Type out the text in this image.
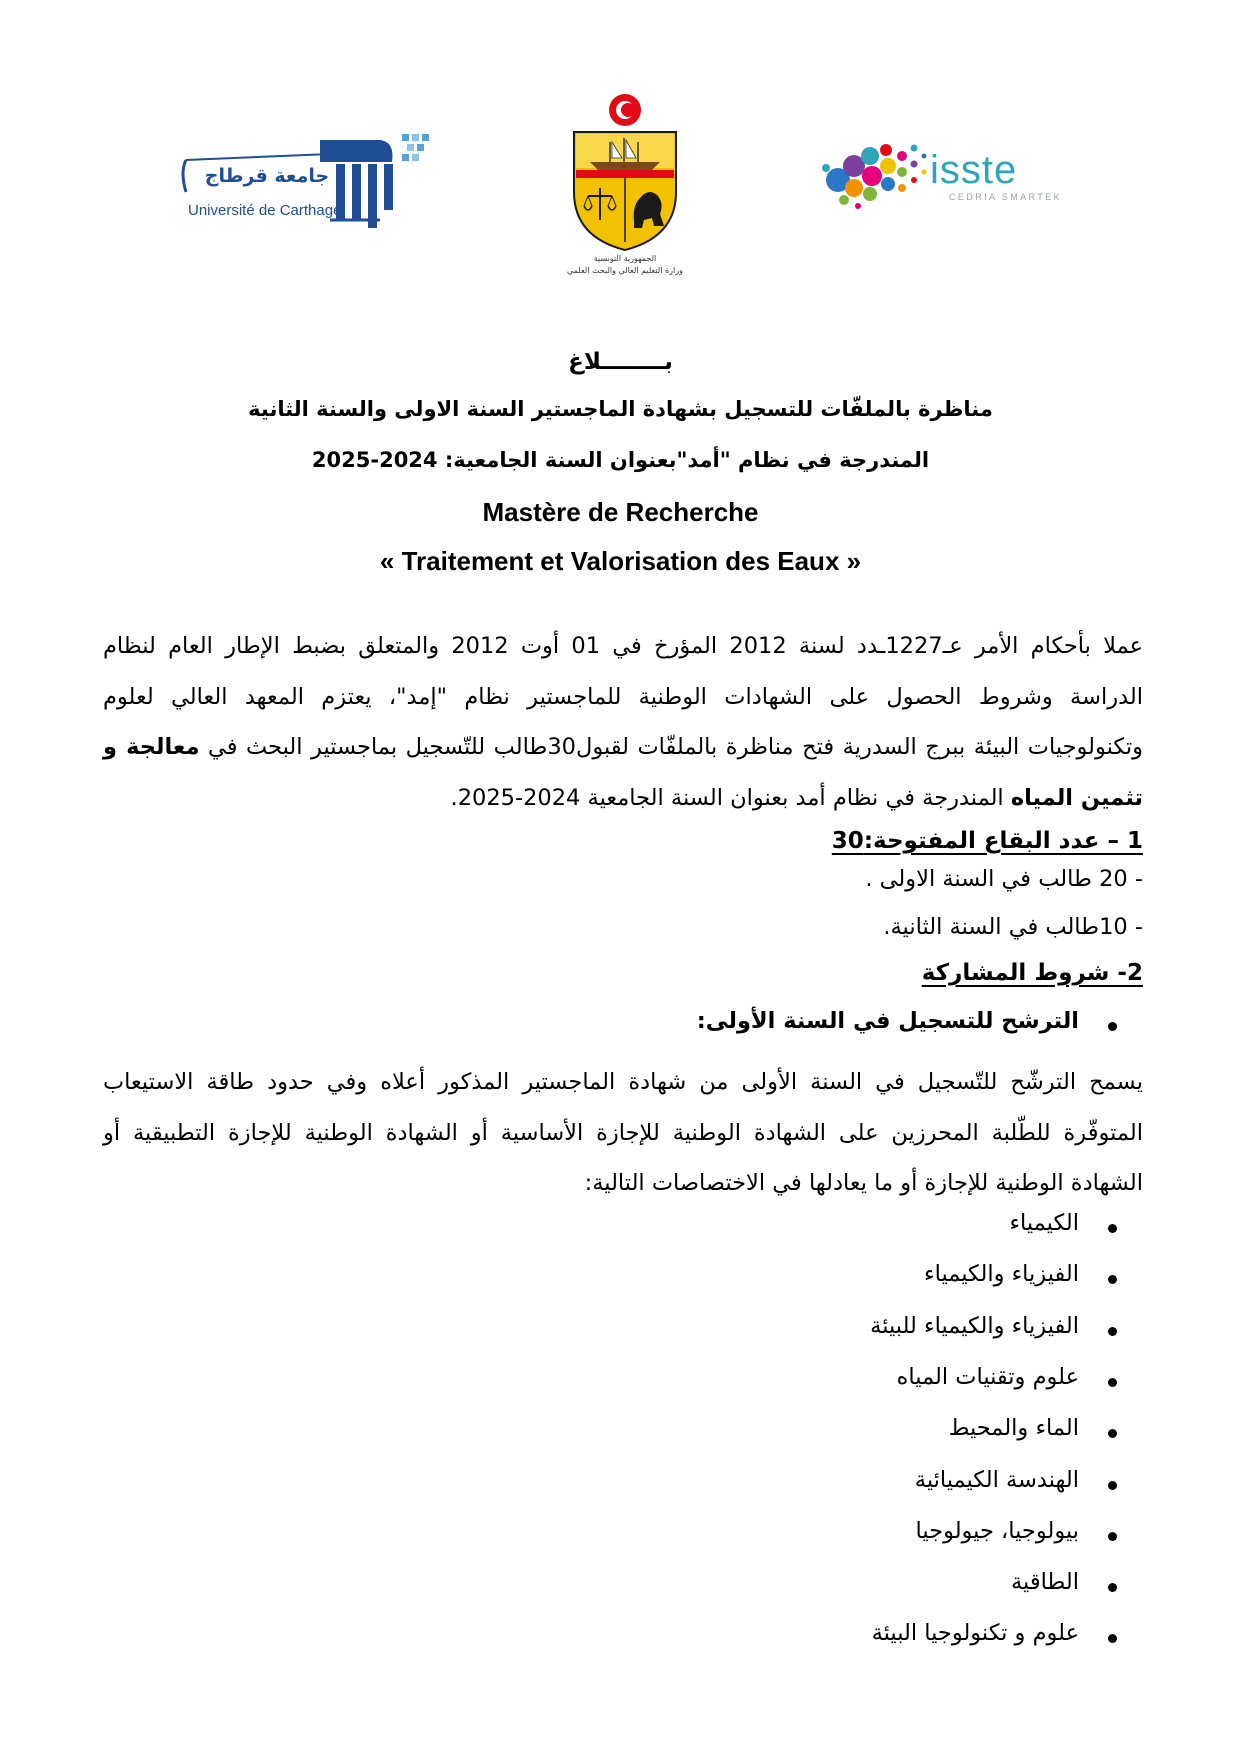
جامعة قرطاج
Université de Carthage
الجمهورية التونسية
وزارة التعليم العالي والبحث العلمي
isste
CEDRIA SMARTEK
بــــــــلاغ
مناظرة بالملفّات للتسجيل بشهادة الماجستير السنة الاولى والسنة الثانية
المندرجة في نظام "أمد"بعنوان السنة الجامعية: 2024-2025
Mastère de Recherche
« Traitement et Valorisation des Eaux »
عملا بأحكام الأمر عـ1227ـدد لسنة 2012 المؤرخ في 01 أوت 2012 والمتعلق بضبط الإطار العام لنظام الدراسة وشروط الحصول على الشهادات الوطنية للماجستير نظام "إمد"، يعتزم المعهد العالي لعلوم وتكنولوجيات البيئة ببرج السدرية فتح مناظرة بالملفّات لقبول30طالب للتّسجيل بماجستير البحث في معالجة و تثمين المياه المندرجة في نظام أمد بعنوان السنة الجامعية 2024-2025.
1 – عدد البقاع المفتوحة:30
- 20 طالب في السنة الاولى .
- 10طالب في السنة الثانية.
2- شروط المشاركة
الترشح للتسجيل في السنة الأولى:
يسمح الترشّح للتّسجيل في السنة الأولى من شهادة الماجستير المذكور أعلاه وفي حدود طاقة الاستيعاب المتوفّرة للطّلبة المحرزين على الشهادة الوطنية للإجازة الأساسية أو الشهادة الوطنية للإجازة التطبيقية أو الشهادة الوطنية للإجازة أو ما يعادلها في الاختصاصات التالية:
الكيمياء
الفيزياء والكيمياء
الفيزياء والكيمياء للبيئة
علوم وتقنيات المياه
الماء والمحيط
الهندسة الكيميائية
بيولوجيا، جيولوجيا
الطاقية
علوم و تكنولوجيا البيئة
